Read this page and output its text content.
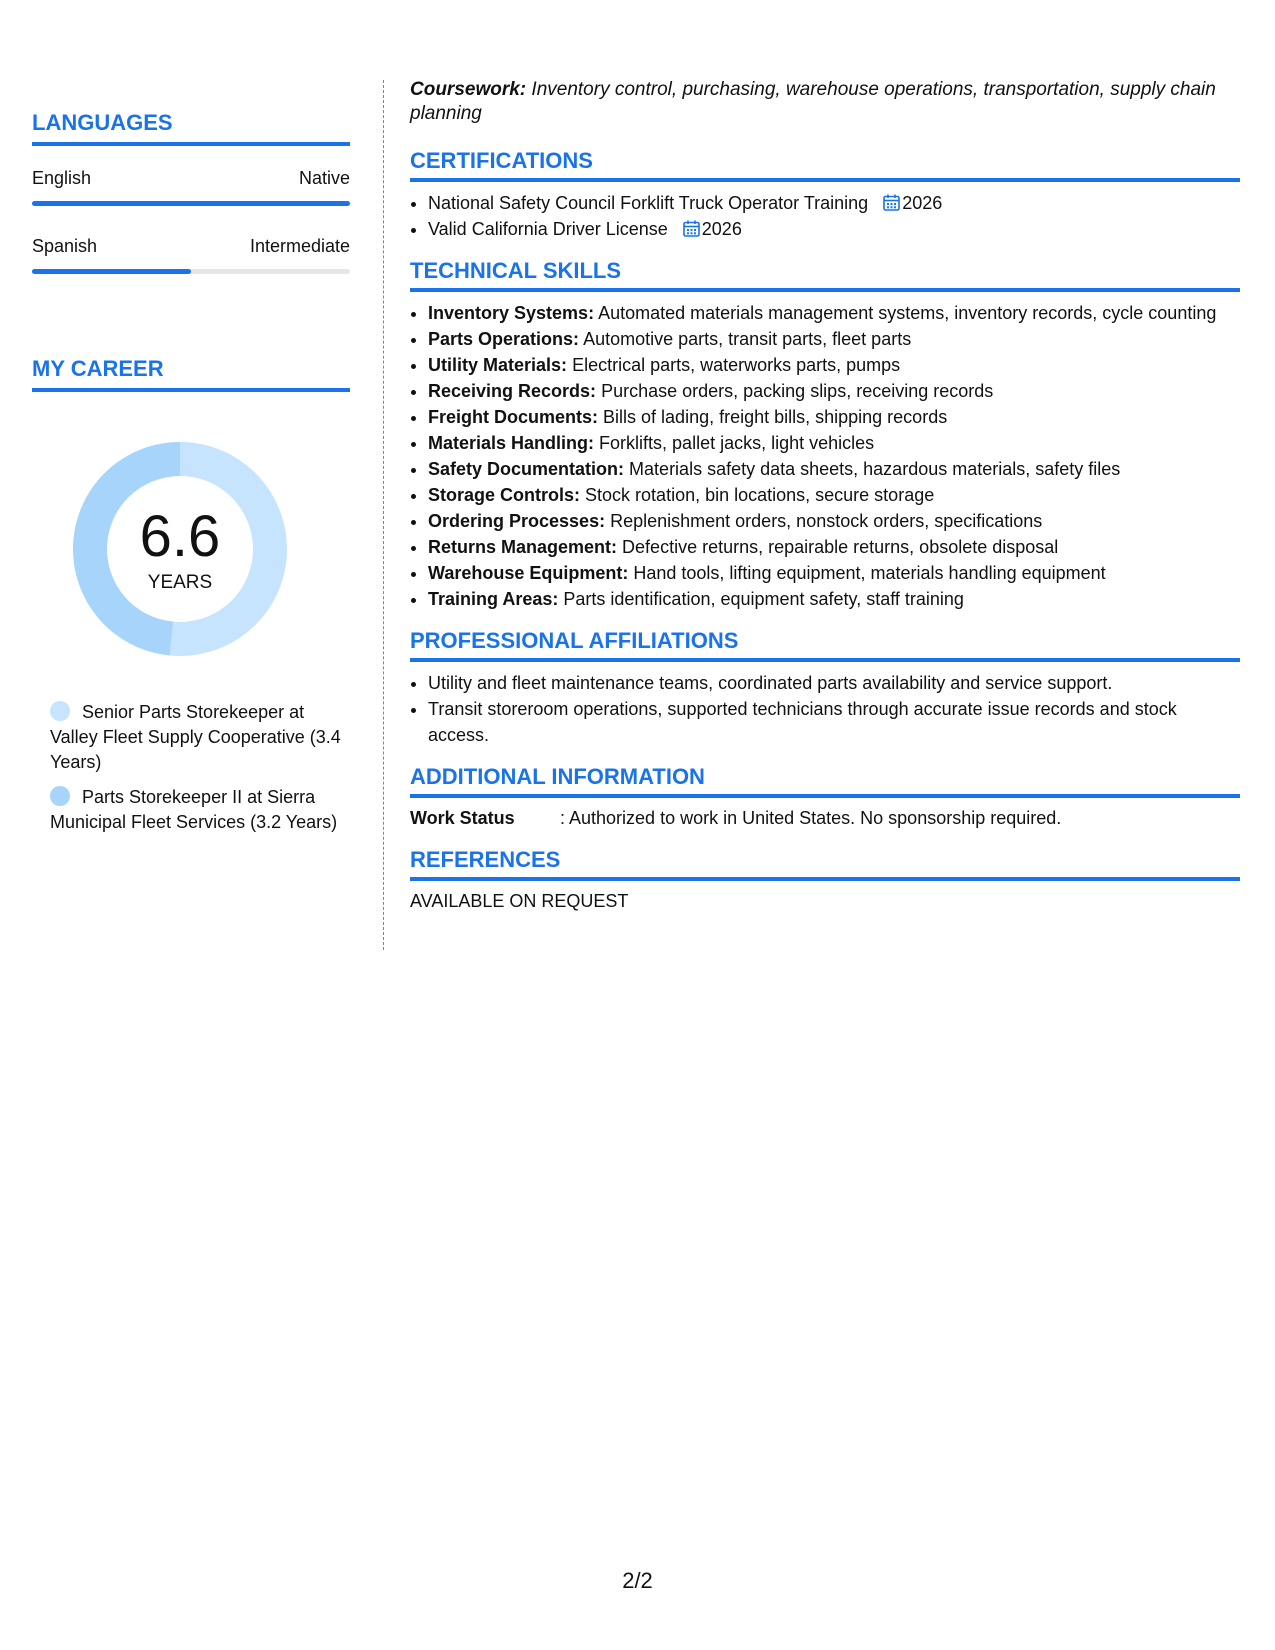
LANGUAGES
English	Native
Spanish	Intermediate
MY CAREER
6.6
YEARS
Senior Parts Storekeeper at Valley Fleet Supply Cooperative (3.4 Years)
Parts Storekeeper II at Sierra Municipal Fleet Services (3.2 Years)
Coursework: Inventory control, purchasing, warehouse operations, transportation, supply chain planning
CERTIFICATIONS
• National Safety Council Forklift Truck Operator Training 2026
• Valid California Driver License 2026
TECHNICAL SKILLS
• Inventory Systems: Automated materials management systems, inventory records, cycle counting
• Parts Operations: Automotive parts, transit parts, fleet parts
• Utility Materials: Electrical parts, waterworks parts, pumps
• Receiving Records: Purchase orders, packing slips, receiving records
• Freight Documents: Bills of lading, freight bills, shipping records
• Materials Handling: Forklifts, pallet jacks, light vehicles
• Safety Documentation: Materials safety data sheets, hazardous materials, safety files
• Storage Controls: Stock rotation, bin locations, secure storage
• Ordering Processes: Replenishment orders, nonstock orders, specifications
• Returns Management: Defective returns, repairable returns, obsolete disposal
• Warehouse Equipment: Hand tools, lifting equipment, materials handling equipment
• Training Areas: Parts identification, equipment safety, staff training
PROFESSIONAL AFFILIATIONS
• Utility and fleet maintenance teams, coordinated parts availability and service support.
• Transit storeroom operations, supported technicians through accurate issue records and stock access.
ADDITIONAL INFORMATION
Work Status	: Authorized to work in United States. No sponsorship required.
REFERENCES
AVAILABLE ON REQUEST
2/2
